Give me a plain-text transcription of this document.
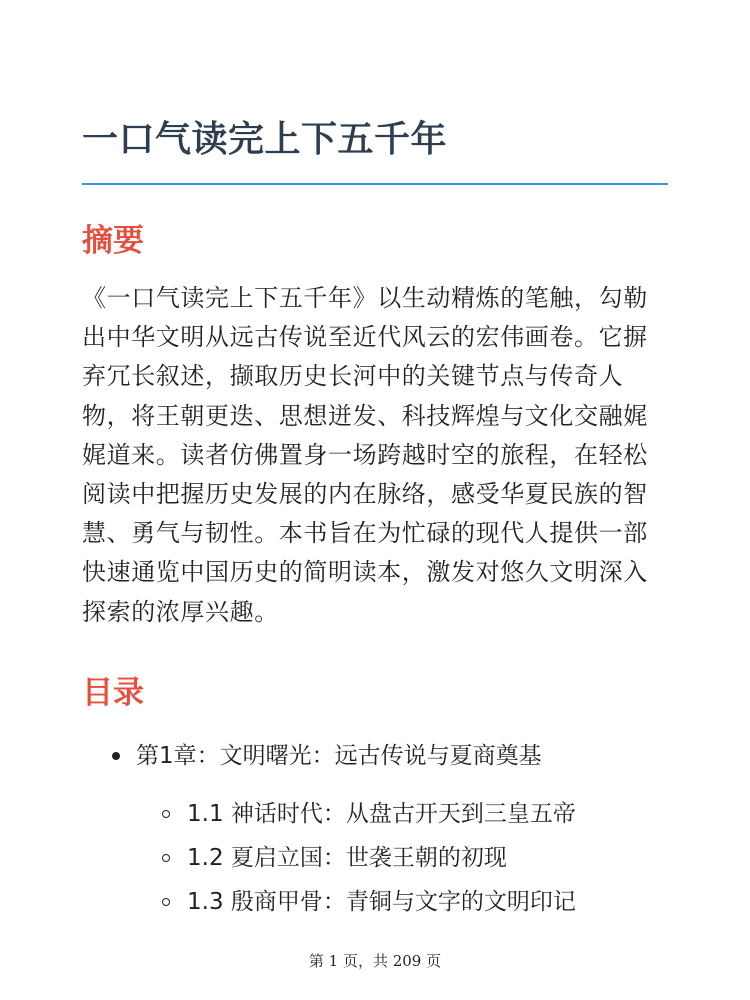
一口气读完上下五千年
摘要

《一口气读完上下五千年》以生动精炼的笔触，勾勒出中华文明从远古传说至近代风云的宏伟画卷。它摒弃冗长叙述，撷取历史长河中的关键节点与传奇人物，将王朝更迭、思想迸发、科技辉煌与文化交融娓娓道来。读者仿佛置身一场跨越时空的旅程，在轻松阅读中把握历史发展的内在脉络，感受华夏民族的智慧、勇气与韧性。本书旨在为忙碌的现代人提供一部快速通览中国历史的简明读本，激发对悠久文明深入探索的浓厚兴趣。

目录
第1章：文明曙光：远古传说与夏商奠基
1.1 神话时代：从盘古开天到三皇五帝
1.2 夏启立国：世袭王朝的初现
1.3 殷商甲骨：青铜与文字的文明印记
第 1 页，共 209 页
